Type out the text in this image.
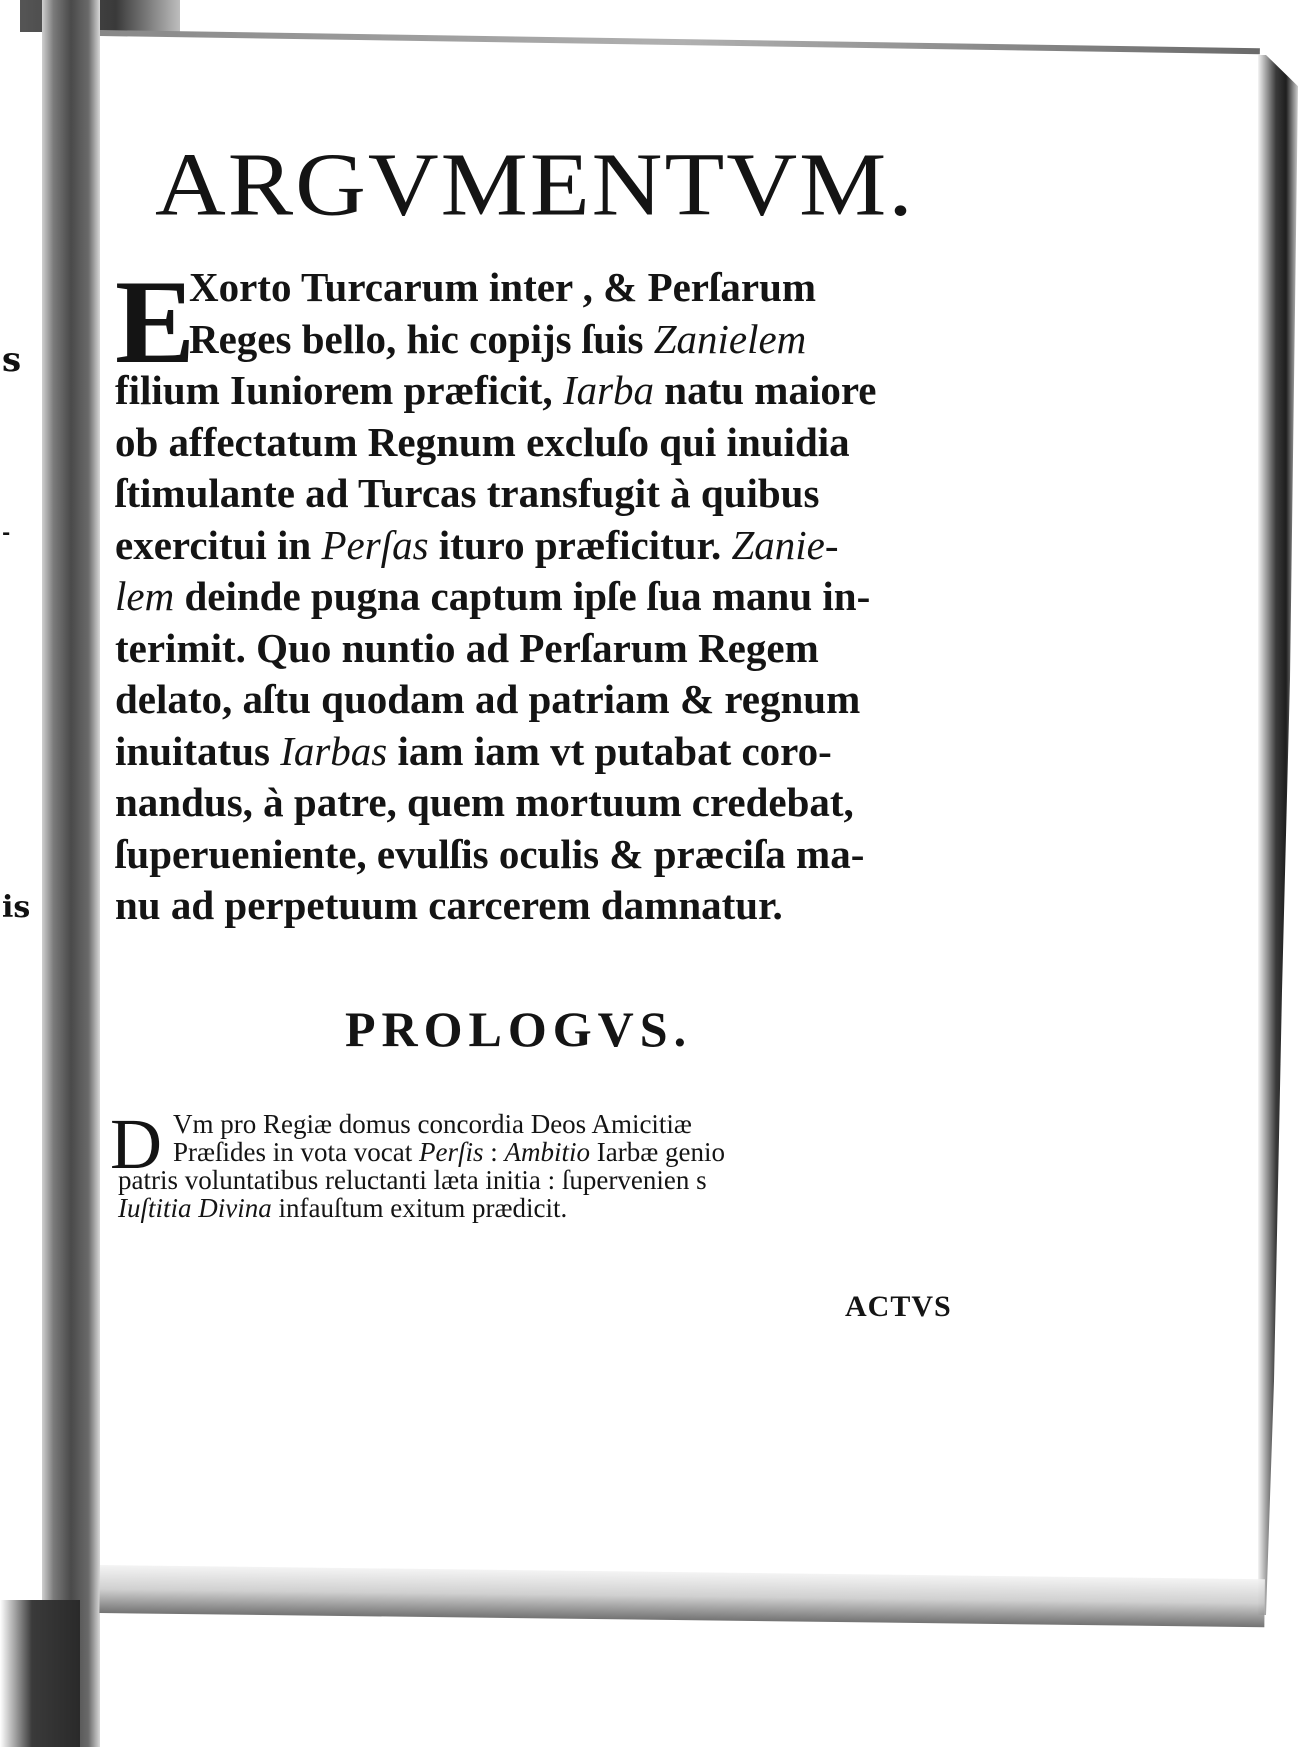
s
-
is
ARGVMENTVM.
E
Xorto Turcarum inter , & Perſarum
Reges bello, hic copijs ſuis Zanielem
filium Iuniorem præficit, Iarba natu maiore
ob affectatum Regnum excluſo qui inuidia
ſtimulante ad Turcas transfugit à quibus
exercitui in Perſas ituro præficitur. Zanie-
lem deinde pugna captum ipſe ſua manu in-
terimit. Quo nuntio ad Perſarum Regem
delato, aſtu quodam ad patriam & regnum
inuitatus Iarbas iam iam vt putabat coro-
nandus, à patre, quem mortuum credebat,
ſuperueniente, evulſis oculis & præciſa ma-
nu ad perpetuum carcerem damnatur.
PROLOGVS.
D Vm pro Regiæ domus concordia Deos Amicitiæ
Præſides in vota vocat Perſis : Ambitio Iarbæ genio
patris voluntatibus reluctanti læta initia : ſupervenien s
Iuſtitia Divina infauſtum exitum prædicit.
ACTVS
